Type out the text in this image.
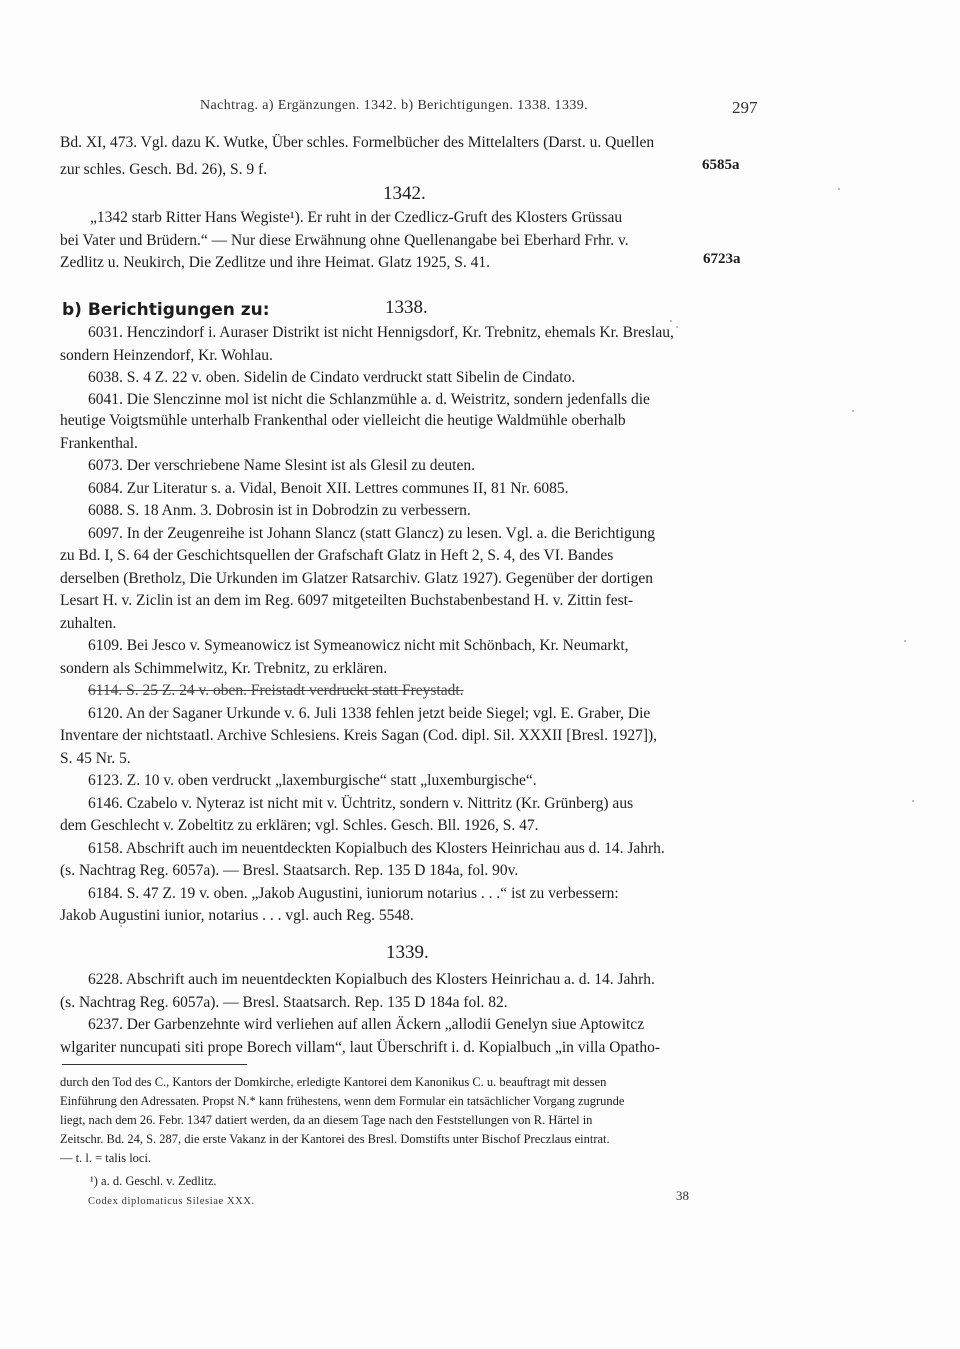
Nachtrag. a) Ergänzungen. 1342. b) Berichtigungen. 1338. 1339.	297
Bd. XI, 473. Vgl. dazu K. Wutke, Über schles. Formelbücher des Mittelalters (Darst. u. Quellen
zur schles. Gesch. Bd. 26), S. 9 f.	6585a
1342.
„1342 starb Ritter Hans Wegiste¹). Er ruht in der Czedlicz-Gruft des Klosters Grüssau
bei Vater und Brüdern.“ — Nur diese Erwähnung ohne Quellenangabe bei Eberhard Frhr. v.
Zedlitz u. Neukirch, Die Zedlitze und ihre Heimat. Glatz 1925, S. 41.	6723a
b) Berichtigungen zu:	1338.
6031. Henczindorf i. Auraser Distrikt ist nicht Hennigsdorf, Kr. Trebnitz, ehemals Kr. Breslau,
sondern Heinzendorf, Kr. Wohlau.
6038. S. 4 Z. 22 v. oben. Sidelin de Cindato verdruckt statt Sibelin de Cindato.
6041. Die Slenczinne mol ist nicht die Schlanzmühle a. d. Weistritz, sondern jedenfalls die
heutige Voigtsmühle unterhalb Frankenthal oder vielleicht die heutige Waldmühle oberhalb
Frankenthal.
6073. Der verschriebene Name Slesint ist als Glesil zu deuten.
6084. Zur Literatur s. a. Vidal, Benoit XII. Lettres communes II, 81 Nr. 6085.
6088. S. 18 Anm. 3. Dobrosin ist in Dobrodzin zu verbessern.
6097. In der Zeugenreihe ist Johann Slancz (statt Glancz) zu lesen. Vgl. a. die Berichtigung
zu Bd. I, S. 64 der Geschichtsquellen der Grafschaft Glatz in Heft 2, S. 4, des VI. Bandes
derselben (Bretholz, Die Urkunden im Glatzer Ratsarchiv. Glatz 1927). Gegenüber der dortigen
Lesart H. v. Ziclin ist an dem im Reg. 6097 mitgeteilten Buchstabenbestand H. v. Zittin fest-
zuhalten.
6109. Bei Jesco v. Symeanowicz ist Symeanowicz nicht mit Schönbach, Kr. Neumarkt,
sondern als Schimmelwitz, Kr. Trebnitz, zu erklären.
6114. S. 25 Z. 24 v. oben. Freistadt verdruckt statt Freystadt.
6120. An der Saganer Urkunde v. 6. Juli 1338 fehlen jetzt beide Siegel; vgl. E. Graber, Die
Inventare der nichtstaatl. Archive Schlesiens. Kreis Sagan (Cod. dipl. Sil. XXXII [Bresl. 1927]),
S. 45 Nr. 5.
6123. Z. 10 v. oben verdruckt „laxemburgische“ statt „luxemburgische“.
6146. Czabelo v. Nyteraz ist nicht mit v. Üchtritz, sondern v. Nittritz (Kr. Grünberg) aus
dem Geschlecht v. Zobeltitz zu erklären; vgl. Schles. Gesch. Bll. 1926, S. 47.
6158. Abschrift auch im neuentdeckten Kopialbuch des Klosters Heinrichau aus d. 14. Jahrh.
(s. Nachtrag Reg. 6057a). — Bresl. Staatsarch. Rep. 135 D 184a, fol. 90v.
6184. S. 47 Z. 19 v. oben. „Jakob Augustini, iuniorum notarius . . .“ ist zu verbessern:
Jakob Augustini iunior, notarius . . . vgl. auch Reg. 5548.
1339.
6228. Abschrift auch im neuentdeckten Kopialbuch des Klosters Heinrichau a. d. 14. Jahrh.
(s. Nachtrag Reg. 6057a). — Bresl. Staatsarch. Rep. 135 D 184a fol. 82.
6237. Der Garbenzehnte wird verliehen auf allen Äckern „allodii Genelyn siue Aptowitcz
wlgariter nuncupati siti prope Borech villam“, laut Überschrift i. d. Kopialbuch „in villa Opatho-
durch den Tod des C., Kantors der Domkirche, erledigte Kantorei dem Kanonikus C. u. beauftragt mit dessen
Einführung den Adressaten. Propst N.* kann frühestens, wenn dem Formular ein tatsächlicher Vorgang zugrunde
liegt, nach dem 26. Febr. 1347 datiert werden, da an diesem Tage nach den Feststellungen von R. Härtel in
Zeitschr. Bd. 24, S. 287, die erste Vakanz in der Kantorei des Bresl. Domstifts unter Bischof Preczlaus eintrat.
— t. l. = talis loci.
¹) a. d. Geschl. v. Zedlitz.
Codex diplomaticus Silesiae XXX.	38
